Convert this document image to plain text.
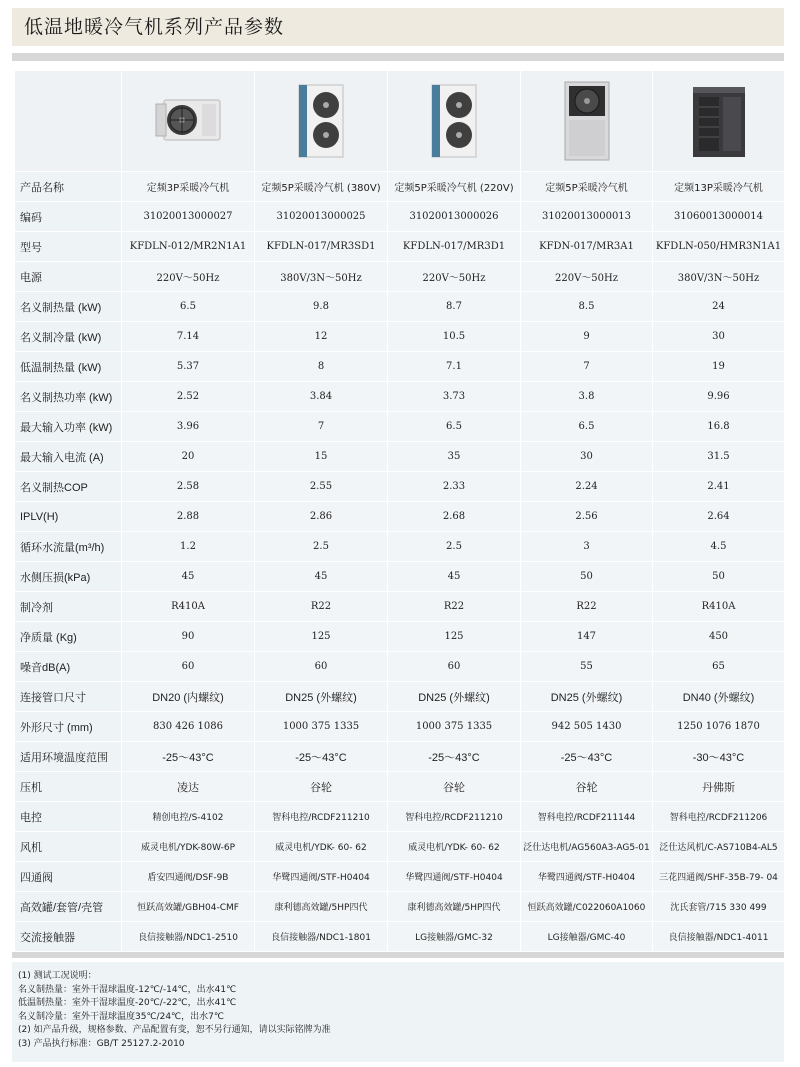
低温地暖冷气机系列产品参数

产品名称	定频3P采暖冷气机	定频5P采暖冷气机 (380V)	定频5P采暖冷气机 (220V)	定频5P采暖冷气机	定频13P采暖冷气机
编码	31020013000027	31020013000025	31020013000026	31020013000013	31060013000014
型号	KFDLN-012/MR2N1A1	KFDLN-017/MR3SD1	KFDLN-017/MR3D1	KFDN-017/MR3A1	KFDLN-050/HMR3N1A1
电源	220V～50Hz	380V/3N～50Hz	220V～50Hz	220V～50Hz	380V/3N～50Hz
名义制热量 (kW)	6.5	9.8	8.7	8.5	24
名义制冷量 (kW)	7.14	12	10.5	9	30
低温制热量 (kW)	5.37	8	7.1	7	19
名义制热功率 (kW)	2.52	3.84	3.73	3.8	9.96
最大输入功率 (kW)	3.96	7	6.5	6.5	16.8
最大输入电流 (A)	20	15	35	30	31.5
名义制热COP	2.58	2.55	2.33	2.24	2.41
IPLV(H)	2.88	2.86	2.68	2.56	2.64
循环水流量(m³/h)	1.2	2.5	2.5	3	4.5
水侧压损(kPa)	45	45	45	50	50
制冷剂	R410A	R22	R22	R22	R410A
净质量 (Kg)	90	125	125	147	450
噪音dB(A)	60	60	60	55	65
连接管口尺寸	DN20 (内螺纹)	DN25 (外螺纹)	DN25 (外螺纹)	DN25 (外螺纹)	DN40 (外螺纹)
外形尺寸 (mm)	830 426 1086	1000 375 1335	1000 375 1335	942 505 1430	1250 1076 1870
适用环境温度范围	-25～43°C	-25～43°C	-25～43°C	-25～43°C	-30～43°C
压机	凌达	谷轮	谷轮	谷轮	丹佛斯
电控	精创电控/S-4102	智科电控/RCDF211210	智科电控/RCDF211210	智科电控/RCDF211144	智科电控/RCDF211206
风机	威灵电机/YDK-80W-6P	威灵电机/YDK- 60- 62	威灵电机/YDK- 60- 62	泛仕达电机/AG560A3-AG5-01	泛仕达风机/C-AS710B4-AL5
四通阀	盾安四通阀/DSF-9B	华鹭四通阀/STF-H0404	华鹭四通阀/STF-H0404	华鹭四通阀/STF-H0404	三花四通阀/SHF-35B-79- 04
高效罐/套管/壳管	恒跃高效罐/GBH04-CMF	康利德高效罐/5HP四代	康利德高效罐/5HP四代	恒跃高效罐/C022060A1060	沈氏套管/715 330 499
交流接触器	良信接触器/NDC1-2510	良信接触器/NDC1-1801	LG接触器/GMC-32	LG接触器/GMC-40	良信接触器/NDC1-4011
(1) 测试工况说明：
名义制热量：室外干湿球温度-12℃/-14℃，出水41℃
低温制热量：室外干湿球温度-20℃/-22℃，出水41℃
名义制冷量：室外干湿球温度35℃/24℃，出水7℃
(2) 如产品升级，规格参数、产品配置有变，恕不另行通知，请以实际铭牌为准
(3) 产品执行标准：GB/T 25127.2-2010
